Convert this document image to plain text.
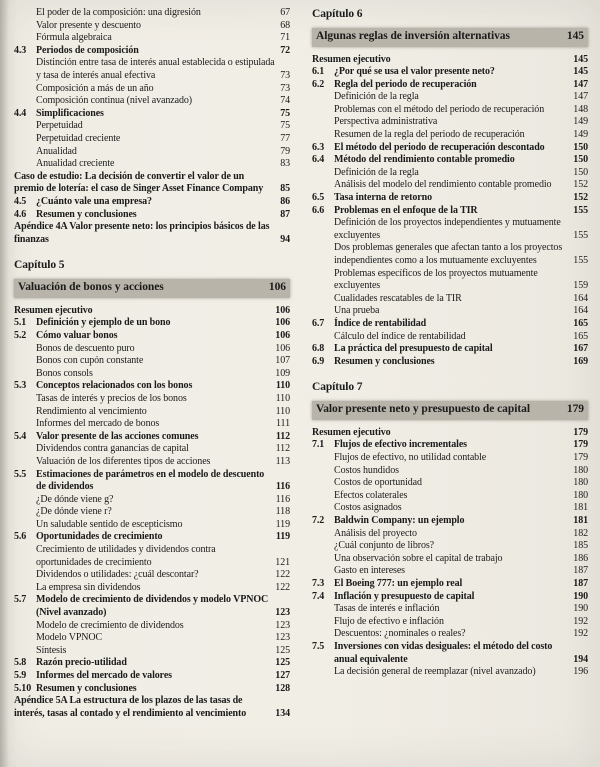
El poder de la composición: una digresión	67
Valor presente y descuento	68
Fórmula algebraica	71
4.3 Periodos de composición	72
Distinción entre tasa de interés anual establecida o estipulada y tasa de interés anual efectiva	73
Composición a más de un año	73
Composición continua (nivel avanzado)	74
4.4 Simplificaciones	75
Perpetuidad	75
Perpetuidad creciente	77
Anualidad	79
Anualidad creciente	83
Caso de estudio: La decisión de convertir el valor de un premio de lotería: el caso de Singer Asset Finance Company	85
4.5 ¿Cuánto vale una empresa?	86
4.6 Resumen y conclusiones	87
Apéndice 4A Valor presente neto: los principios básicos de las finanzas	94
Capítulo 5
Valuación de bonos y acciones	106
Resumen ejecutivo	106
5.1 Definición y ejemplo de un bono	106
5.2 Cómo valuar bonos	106
Bonos de descuento puro	106
Bonos con cupón constante	107
Bonos consols	109
5.3 Conceptos relacionados con los bonos	110
Tasas de interés y precios de los bonos	110
Rendimiento al vencimiento	110
Informes del mercado de bonos	111
5.4 Valor presente de las acciones comunes	112
Dividendos contra ganancias de capital	112
Valuación de los diferentes tipos de acciones	113
5.5 Estimaciones de parámetros en el modelo de descuento de dividendos	116
¿De dónde viene g?	116
¿De dónde viene r?	118
Un saludable sentido de escepticismo	119
5.6 Oportunidades de crecimiento	119
Crecimiento de utilidades y dividendos contra oportunidades de crecimiento	121
Dividendos o utilidades: ¿cuál descontar?	122
La empresa sin dividendos	122
5.7 Modelo de crecimiento de dividendos y modelo VPNOC (Nivel avanzado)	123
Modelo de crecimiento de dividendos	123
Modelo VPNOC	123
Síntesis	125
5.8 Razón precio-utilidad	125
5.9 Informes del mercado de valores	127
5.10 Resumen y conclusiones	128
Apéndice 5A La estructura de los plazos de las tasas de interés, tasas al contado y el rendimiento al vencimiento	134
Capítulo 6
Algunas reglas de inversión alternativas	145
Resumen ejecutivo	145
6.1 ¿Por qué se usa el valor presente neto?	145
6.2 Regla del periodo de recuperación	147
Definición de la regla	147
Problemas con el método del periodo de recuperación	148
Perspectiva administrativa	149
Resumen de la regla del periodo de recuperación	149
6.3 El método del periodo de recuperación descontado	150
6.4 Método del rendimiento contable promedio	150
Definición de la regla	150
Análisis del modelo del rendimiento contable promedio	152
6.5 Tasa interna de retorno	152
6.6 Problemas en el enfoque de la TIR	155
Definición de los proyectos independientes y mutuamente excluyentes	155
Dos problemas generales que afectan tanto a los proyectos independientes como a los mutuamente excluyentes	155
Problemas específicos de los proyectos mutuamente excluyentes	159
Cualidades rescatables de la TIR	164
Una prueba	164
6.7 Índice de rentabilidad	165
Cálculo del índice de rentabilidad	165
6.8 La práctica del presupuesto de capital	167
6.9 Resumen y conclusiones	169
Capítulo 7
Valor presente neto y presupuesto de capital	179
Resumen ejecutivo	179
7.1 Flujos de efectivo incrementales	179
Flujos de efectivo, no utilidad contable	179
Costos hundidos	180
Costos de oportunidad	180
Efectos colaterales	180
Costos asignados	181
7.2 Baldwin Company: un ejemplo	181
Análisis del proyecto	182
¿Cuál conjunto de libros?	185
Una observación sobre el capital de trabajo	186
Gasto en intereses	187
7.3 El Boeing 777: un ejemplo real	187
7.4 Inflación y presupuesto de capital	190
Tasas de interés e inflación	190
Flujo de efectivo e inflación	192
Descuentos: ¿nominales o reales?	192
7.5 Inversiones con vidas desiguales: el método del costo anual equivalente	194
La decisión general de reemplazar (nivel avanzado)	196
